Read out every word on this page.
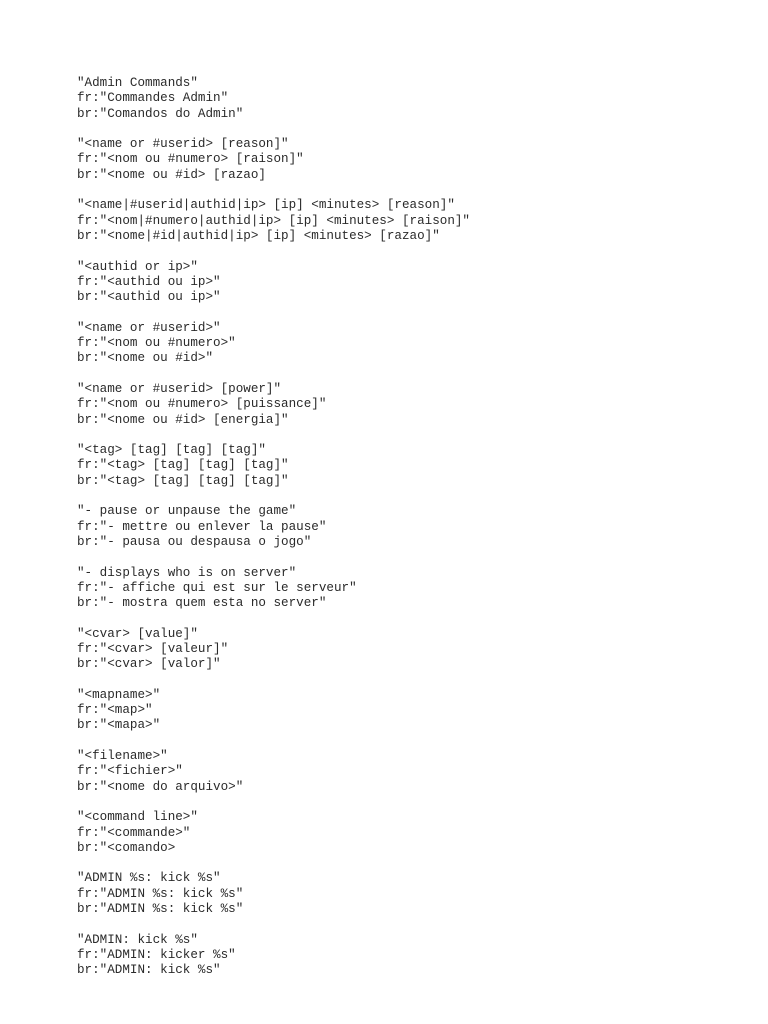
"Admin Commands"
fr:"Commandes Admin"
br:"Comandos do Admin"
"<name or #userid> [reason]"
fr:"<nom ou #numero> [raison]"
br:"<nome ou #id> [razao]
"<name|#userid|authid|ip> [ip] <minutes> [reason]"
fr:"<nom|#numero|authid|ip> [ip] <minutes> [raison]"
br:"<nome|#id|authid|ip> [ip] <minutes> [razao]"
"<authid or ip>"
fr:"<authid ou ip>"
br:"<authid ou ip>"
"<name or #userid>"
fr:"<nom ou #numero>"
br:"<nome ou #id>"
"<name or #userid> [power]"
fr:"<nom ou #numero> [puissance]"
br:"<nome ou #id> [energia]"
"<tag> [tag] [tag] [tag]"
fr:"<tag> [tag] [tag] [tag]"
br:"<tag> [tag] [tag] [tag]"
"- pause or unpause the game"
fr:"- mettre ou enlever la pause"
br:"- pausa ou despausa o jogo"
"- displays who is on server"
fr:"- affiche qui est sur le serveur"
br:"- mostra quem esta no server"
"<cvar> [value]"
fr:"<cvar> [valeur]"
br:"<cvar> [valor]"
"<mapname>"
fr:"<map>"
br:"<mapa>"
"<filename>"
fr:"<fichier>"
br:"<nome do arquivo>"
"<command line>"
fr:"<commande>"
br:"<comando>
"ADMIN %s: kick %s"
fr:"ADMIN %s: kick %s"
br:"ADMIN %s: kick %s"
"ADMIN: kick %s"
fr:"ADMIN: kicker %s"
br:"ADMIN: kick %s"
